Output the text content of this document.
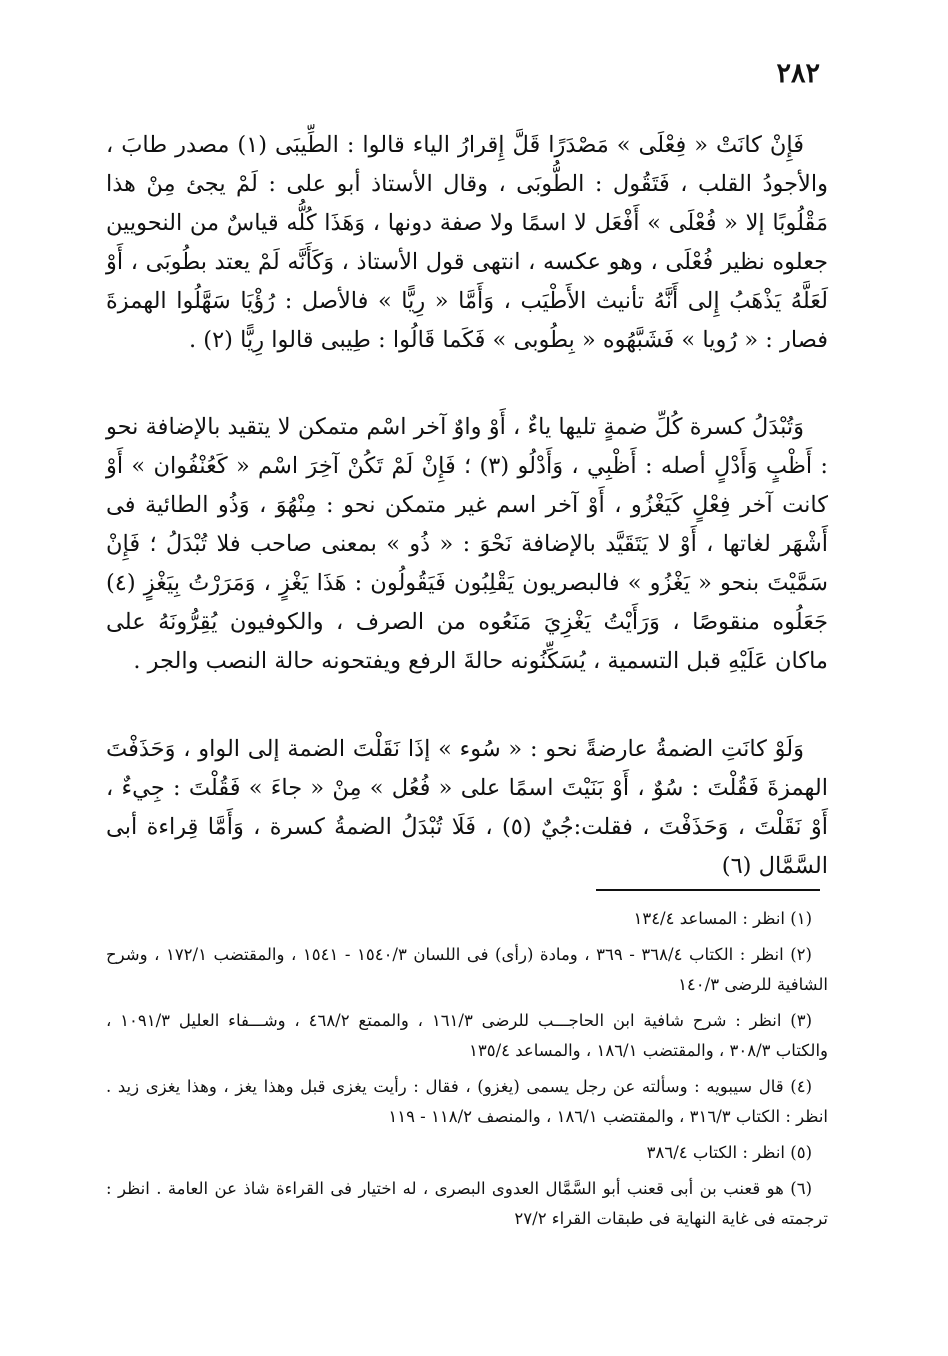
٢٨٢

فَإِنْ كانَتْ « فِعْلَى » مَصْدَرًا قَلَّ إِقرارُ الياء قالوا : الطِّيبَى (١) مصدر طابَ ، والأجودُ القلب ، فَتَقُول : الطُّوبَى ، وقال الأستاذ أبو على : لَمْ يجئ مِنْ هذا مَقْلُوبًا إلا « فُعْلَى » أَفْعَل لا اسمًا ولا صفة دونها ، وَهَذَا كُلُّه قياسٌ من النحويين جعلوه نظير فُعْلَى ، وهو عكسه ، انتهى قول الأستاذ ، وَكَأَنَّه لَمْ يعتد بطُوبَى ، أَوْ لَعَلَّهُ يَذْهَبُ إِلى أَنَّهُ تأنيث الأَطْيَب ، وَأَمَّا « رِيًّا » فالأصل : رُؤْيَا سَهَّلُوا الهمزةَ فصار : « رُويا » فَشَبَّهُوه « بِطُوبى » فَكَما قَالُوا : طِيبى قالوا رِيًّا (٢) .

وَتُبْدَلُ كسرة كُلِّ ضمةٍ تليها ياءٌ ، أَوْ واوٌ آخر اسْم متمكن لا يتقيد بالإضافة نحو : أَظْبٍ وَأَدْلٍ أصله : أَظْبِي ، وَأَدْلُو (٣) ؛ فَإِنْ لَمْ تَكُنْ آخِرَ اسْم « كَعُنْفُوان » أَوْ كانت آخر فِعْلٍ كَيَغْزُو ، أَوْ آخر اسم غير متمكن نحو : مِنْهُوَ ، وَذُو الطائية فى أَشْهَر لغاتها ، أَوْ لا يَتَقَيَّد بالإضافة نَحْوَ : « ذُو » بمعنى صاحب فلا تُبْدَلُ ؛ فَإِنْ سَمَّيْتَ بنحو « يَغْزُو » فالبصريون يَقْلِبُون فَيَقُولُون : هَذَا يَغْزٍ ، وَمَرَرْتُ بِيَغْزٍ (٤) جَعَلُوه منقوصًا ، وَرَأَيْتُ يَغْزِيَ مَنَعُوه من الصرف ، والكوفيون يُقِرُّونَهُ على ماكان عَلَيْهِ قبل التسمية ، يُسَكِّنُونه حالةَ الرفع ويفتحونه حالة النصب والجر .

وَلَوْ كانَتِ الضمةُ عارضةً نحو : « سُوء » إذَا نَقَلْتَ الضمة إلى الواو ، وَحَذَفْتَ الهمزةَ فَقُلْتَ : سُوٌ ، أَوْ بَنَيْتَ اسمًا على « فُعُل » مِنْ « جاءَ » فَقُلْتَ : جِيءٌ ، أَوْ نَقَلْتَ ، وَحَذَفْتَ ، فقلت:جُيٌ (٥) ، فَلَا تُبْدَلُ الضمةُ كسرة ، وَأَمَّا قِراءة أبى السَّمَّال (٦)

(١) انظر : المساعد ١٣٤/٤

(٢) انظر : الكتاب ٣٦٨/٤ - ٣٦٩ ، ومادة (رأى) فى اللسان ١٥٤٠/٣ - ١٥٤١ ، والمقتضب ١٧٢/١ ، وشرح الشافية للرضى ١٤٠/٣

(٣) انظر : شرح شافية ابن الحاجـــب للرضى ١٦١/٣ ، والممتع ٤٦٨/٢ ، وشـــفاء العليل ١٠٩١/٣ ، والكتاب ٣٠٨/٣ ، والمقتضب ١٨٦/١ ، والمساعد ١٣٥/٤

(٤) قال سيبويه : وسألته عن رجل يسمى (يغزو) ، فقال : رأيت يغزى قبل وهذا يغز ، وهذا يغزى زيد . انظر : الكتاب ٣١٦/٣ ، والمقتضب ١٨٦/١ ، والمنصف ١١٨/٢ - ١١٩

(٥) انظر : الكتاب ٣٨٦/٤

(٦) هو قعنب بن أبى قعنب أبو السَّمَّال العدوى البصرى ، له اختيار فى القراءة شاذ عن العامة . انظر : ترجمته فى غاية النهاية فى طبقات القراء ٢٧/٢
